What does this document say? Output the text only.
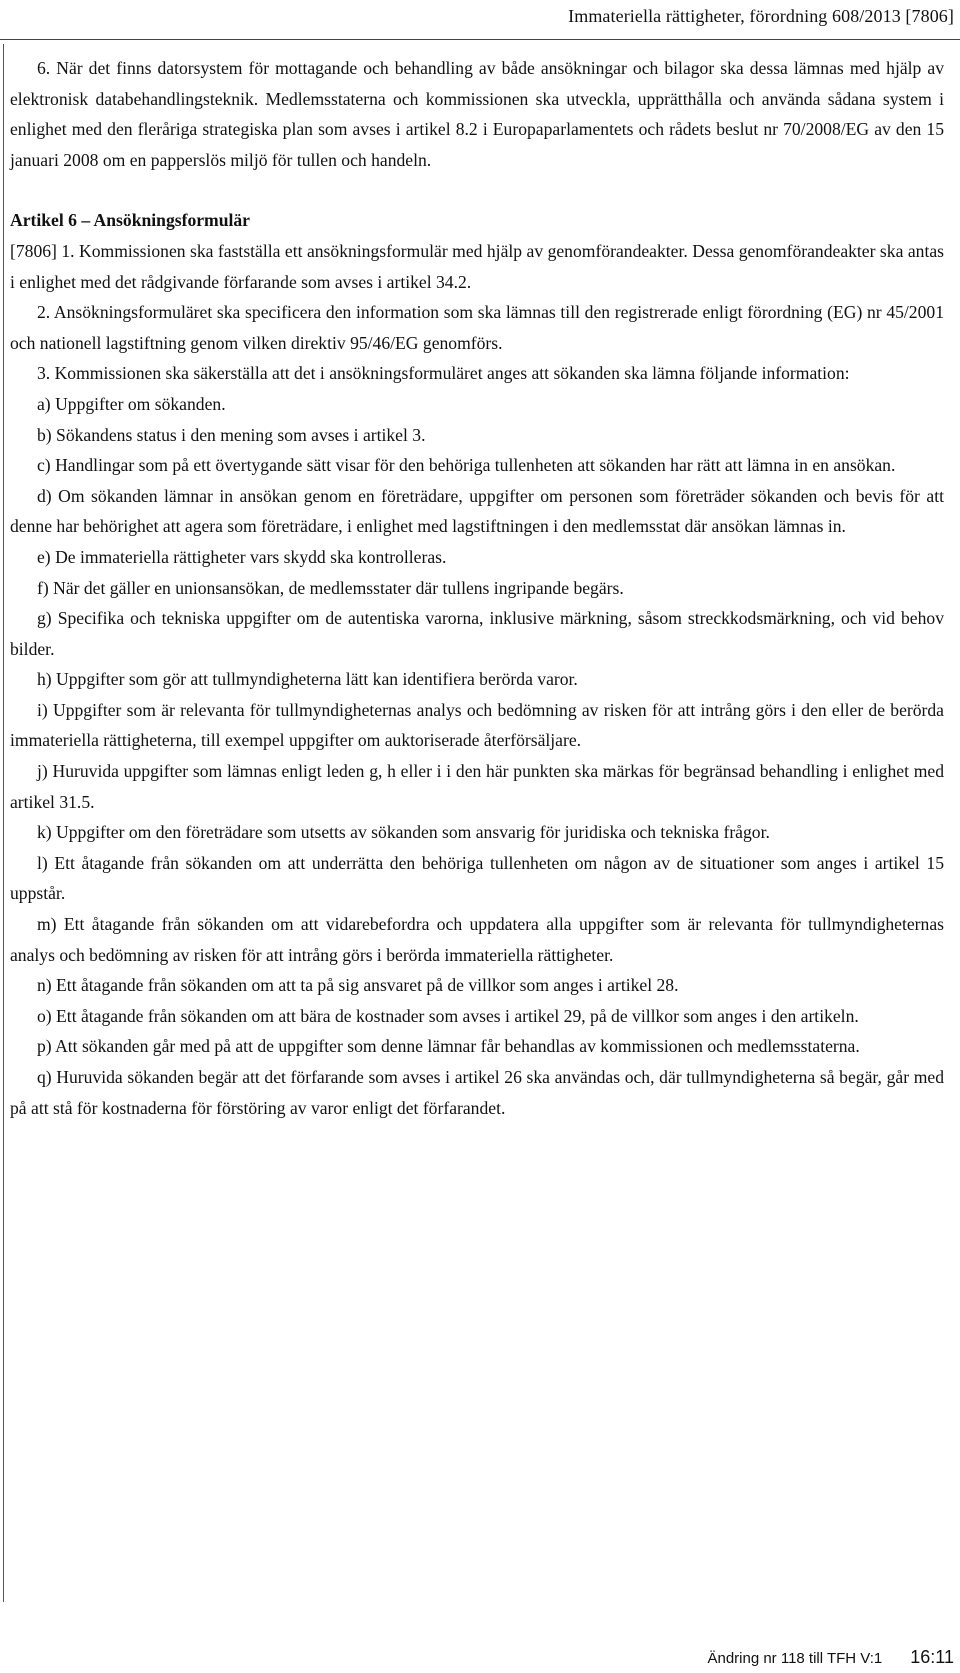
Immateriella rättigheter, förordning 608/2013 [7806]

6. När det finns datorsystem för mottagande och behandling av både ansökningar och bilagor ska dessa lämnas med hjälp av elektronisk databehandlingsteknik. Medlemsstaterna och kommissionen ska utveckla, upprätthålla och använda sådana system i enlighet med den fleråriga strategiska plan som avses i artikel 8.2 i Europaparlamentets och rådets beslut nr 70/2008/EG av den 15 januari 2008 om en papperslös miljö för tullen och handeln.

Artikel 6 – Ansökningsformulär

[7806] 1. Kommissionen ska fastställa ett ansökningsformulär med hjälp av genomförandeakter. Dessa genomförandeakter ska antas i enlighet med det rådgivande förfarande som avses i artikel 34.2.

2. Ansökningsformuläret ska specificera den information som ska lämnas till den registrerade enligt förordning (EG) nr 45/2001 och nationell lagstiftning genom vilken direktiv 95/46/EG genomförs.

3. Kommissionen ska säkerställa att det i ansökningsformuläret anges att sökanden ska lämna följande information:

a) Uppgifter om sökanden.

b) Sökandens status i den mening som avses i artikel 3.

c) Handlingar som på ett övertygande sätt visar för den behöriga tullenheten att sökanden har rätt att lämna in en ansökan.

d) Om sökanden lämnar in ansökan genom en företrädare, uppgifter om personen som företräder sökanden och bevis för att denne har behörighet att agera som företrädare, i enlighet med lagstiftningen i den medlemsstat där ansökan lämnas in.

e) De immateriella rättigheter vars skydd ska kontrolleras.

f) När det gäller en unionsansökan, de medlemsstater där tullens ingripande begärs.

g) Specifika och tekniska uppgifter om de autentiska varorna, inklusive märkning, såsom streckkodsmärkning, och vid behov bilder.

h) Uppgifter som gör att tullmyndigheterna lätt kan identifiera berörda varor.

i) Uppgifter som är relevanta för tullmyndigheternas analys och bedömning av risken för att intrång görs i den eller de berörda immateriella rättigheterna, till exempel uppgifter om auktoriserade återförsäljare.

j) Huruvida uppgifter som lämnas enligt leden g, h eller i i den här punkten ska märkas för begränsad behandling i enlighet med artikel 31.5.

k) Uppgifter om den företrädare som utsetts av sökanden som ansvarig för juridiska och tekniska frågor.

l) Ett åtagande från sökanden om att underrätta den behöriga tullenheten om någon av de situationer som anges i artikel 15 uppstår.

m) Ett åtagande från sökanden om att vidarebefordra och uppdatera alla uppgifter som är relevanta för tullmyndigheternas analys och bedömning av risken för att intrång görs i berörda immateriella rättigheter.

n) Ett åtagande från sökanden om att ta på sig ansvaret på de villkor som anges i artikel 28.

o) Ett åtagande från sökanden om att bära de kostnader som avses i artikel 29, på de villkor som anges i den artikeln.

p) Att sökanden går med på att de uppgifter som denne lämnar får behandlas av kommissionen och medlemsstaterna.

q) Huruvida sökanden begär att det förfarande som avses i artikel 26 ska användas och, där tullmyndigheterna så begär, går med på att stå för kostnaderna för förstöring av varor enligt det förfarandet.

Ändring nr 118 till TFH V:1 16:11
